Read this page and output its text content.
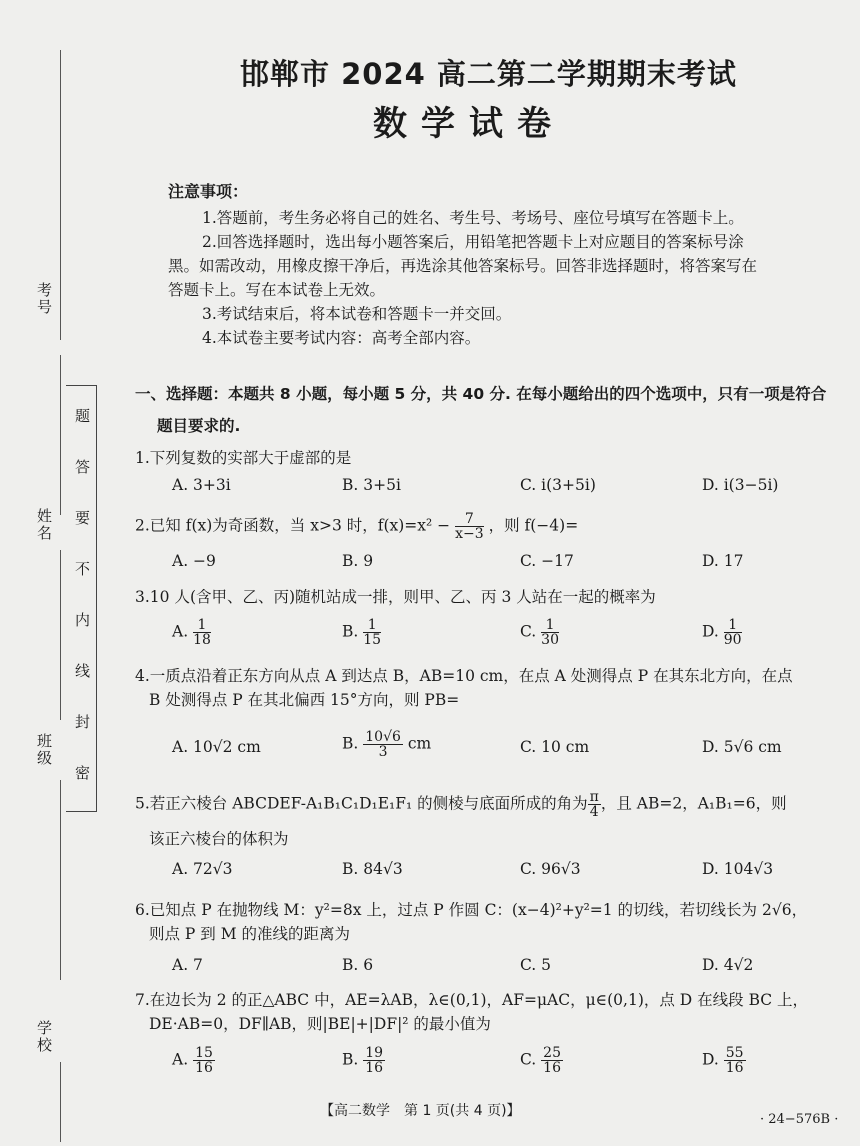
考号
姓名
班级
学校
题
答
要
不
内
线
封
密
邯郸市 2024 高二第二学期期末考试
数学试卷
注意事项：
1.答题前，考生务必将自己的姓名、考生号、考场号、座位号填写在答题卡上。
2.回答选择题时，选出每小题答案后，用铅笔把答题卡上对应题目的答案标号涂
黑。如需改动，用橡皮擦干净后，再选涂其他答案标号。回答非选择题时，将答案写在
答题卡上。写在本试卷上无效。
3.考试结束后，将本试卷和答题卡一并交回。
4.本试卷主要考试内容：高考全部内容。
一、选择题：本题共 8 小题，每小题 5 分，共 40 分. 在每小题给出的四个选项中，只有一项是符合
题目要求的.
1.下列复数的实部大于虚部的是
A. 3+3i	B. 3+5i	C. i(3+5i)	D. i(3−5i)
2.已知 f(x)为奇函数，当 x>3 时，$f(x)=x^2 - \frac{7}{x-3}$ ，则 f(−4)=
A. −9	B. 9	C. −17	D. 17
3.10 人(含甲、乙、丙)随机站成一排，则甲、乙、丙 3 人站在一起的概率为
A. $\frac{1}{18}$	B. $\frac{1}{15}$	C. $\frac{1}{30}$	D. $\frac{1}{90}$
4.一质点沿着正东方向从点 A 到达点 B，AB=10 cm，在点 A 处测得点 P 在其东北方向，在点
B 处测得点 P 在其北偏西 15°方向，则 PB=
A. 10√2 cm	B. $\frac{10√6}{3}$ cm	C. 10 cm	D. 5√6 cm
5.若正六棱台 ABCDEF-A₁B₁C₁D₁E₁F₁ 的侧棱与底面所成的角为 $\frac{\pi}{4}$ ，且 AB=2，A₁B₁=6，则
该正六棱台的体积为
A. 72√3	B. 84√3	C. 96√3	D. 104√3
6.已知点 P 在抛物线 M：y²=8x 上，过点 P 作圆 C：(x−4)²+y²=1 的切线，若切线长为 2√6，
则点 P 到 M 的准线的距离为
A. 7	B. 6	C. 5	D. 4√2
7.在边长为 2 的正△ABC 中，AE=λAB，λ∈(0,1)，AF=μAC，μ∈(0,1)，点 D 在线段 BC 上，
DE·AB=0，DF∥AB，则|BE|+|DF|² 的最小值为
A. $\frac{15}{16}$	B. $\frac{19}{16}$	C. $\frac{25}{16}$	D. $\frac{55}{16}$
【高二数学　第 1 页(共 4 页)】
· 24−576B ·
